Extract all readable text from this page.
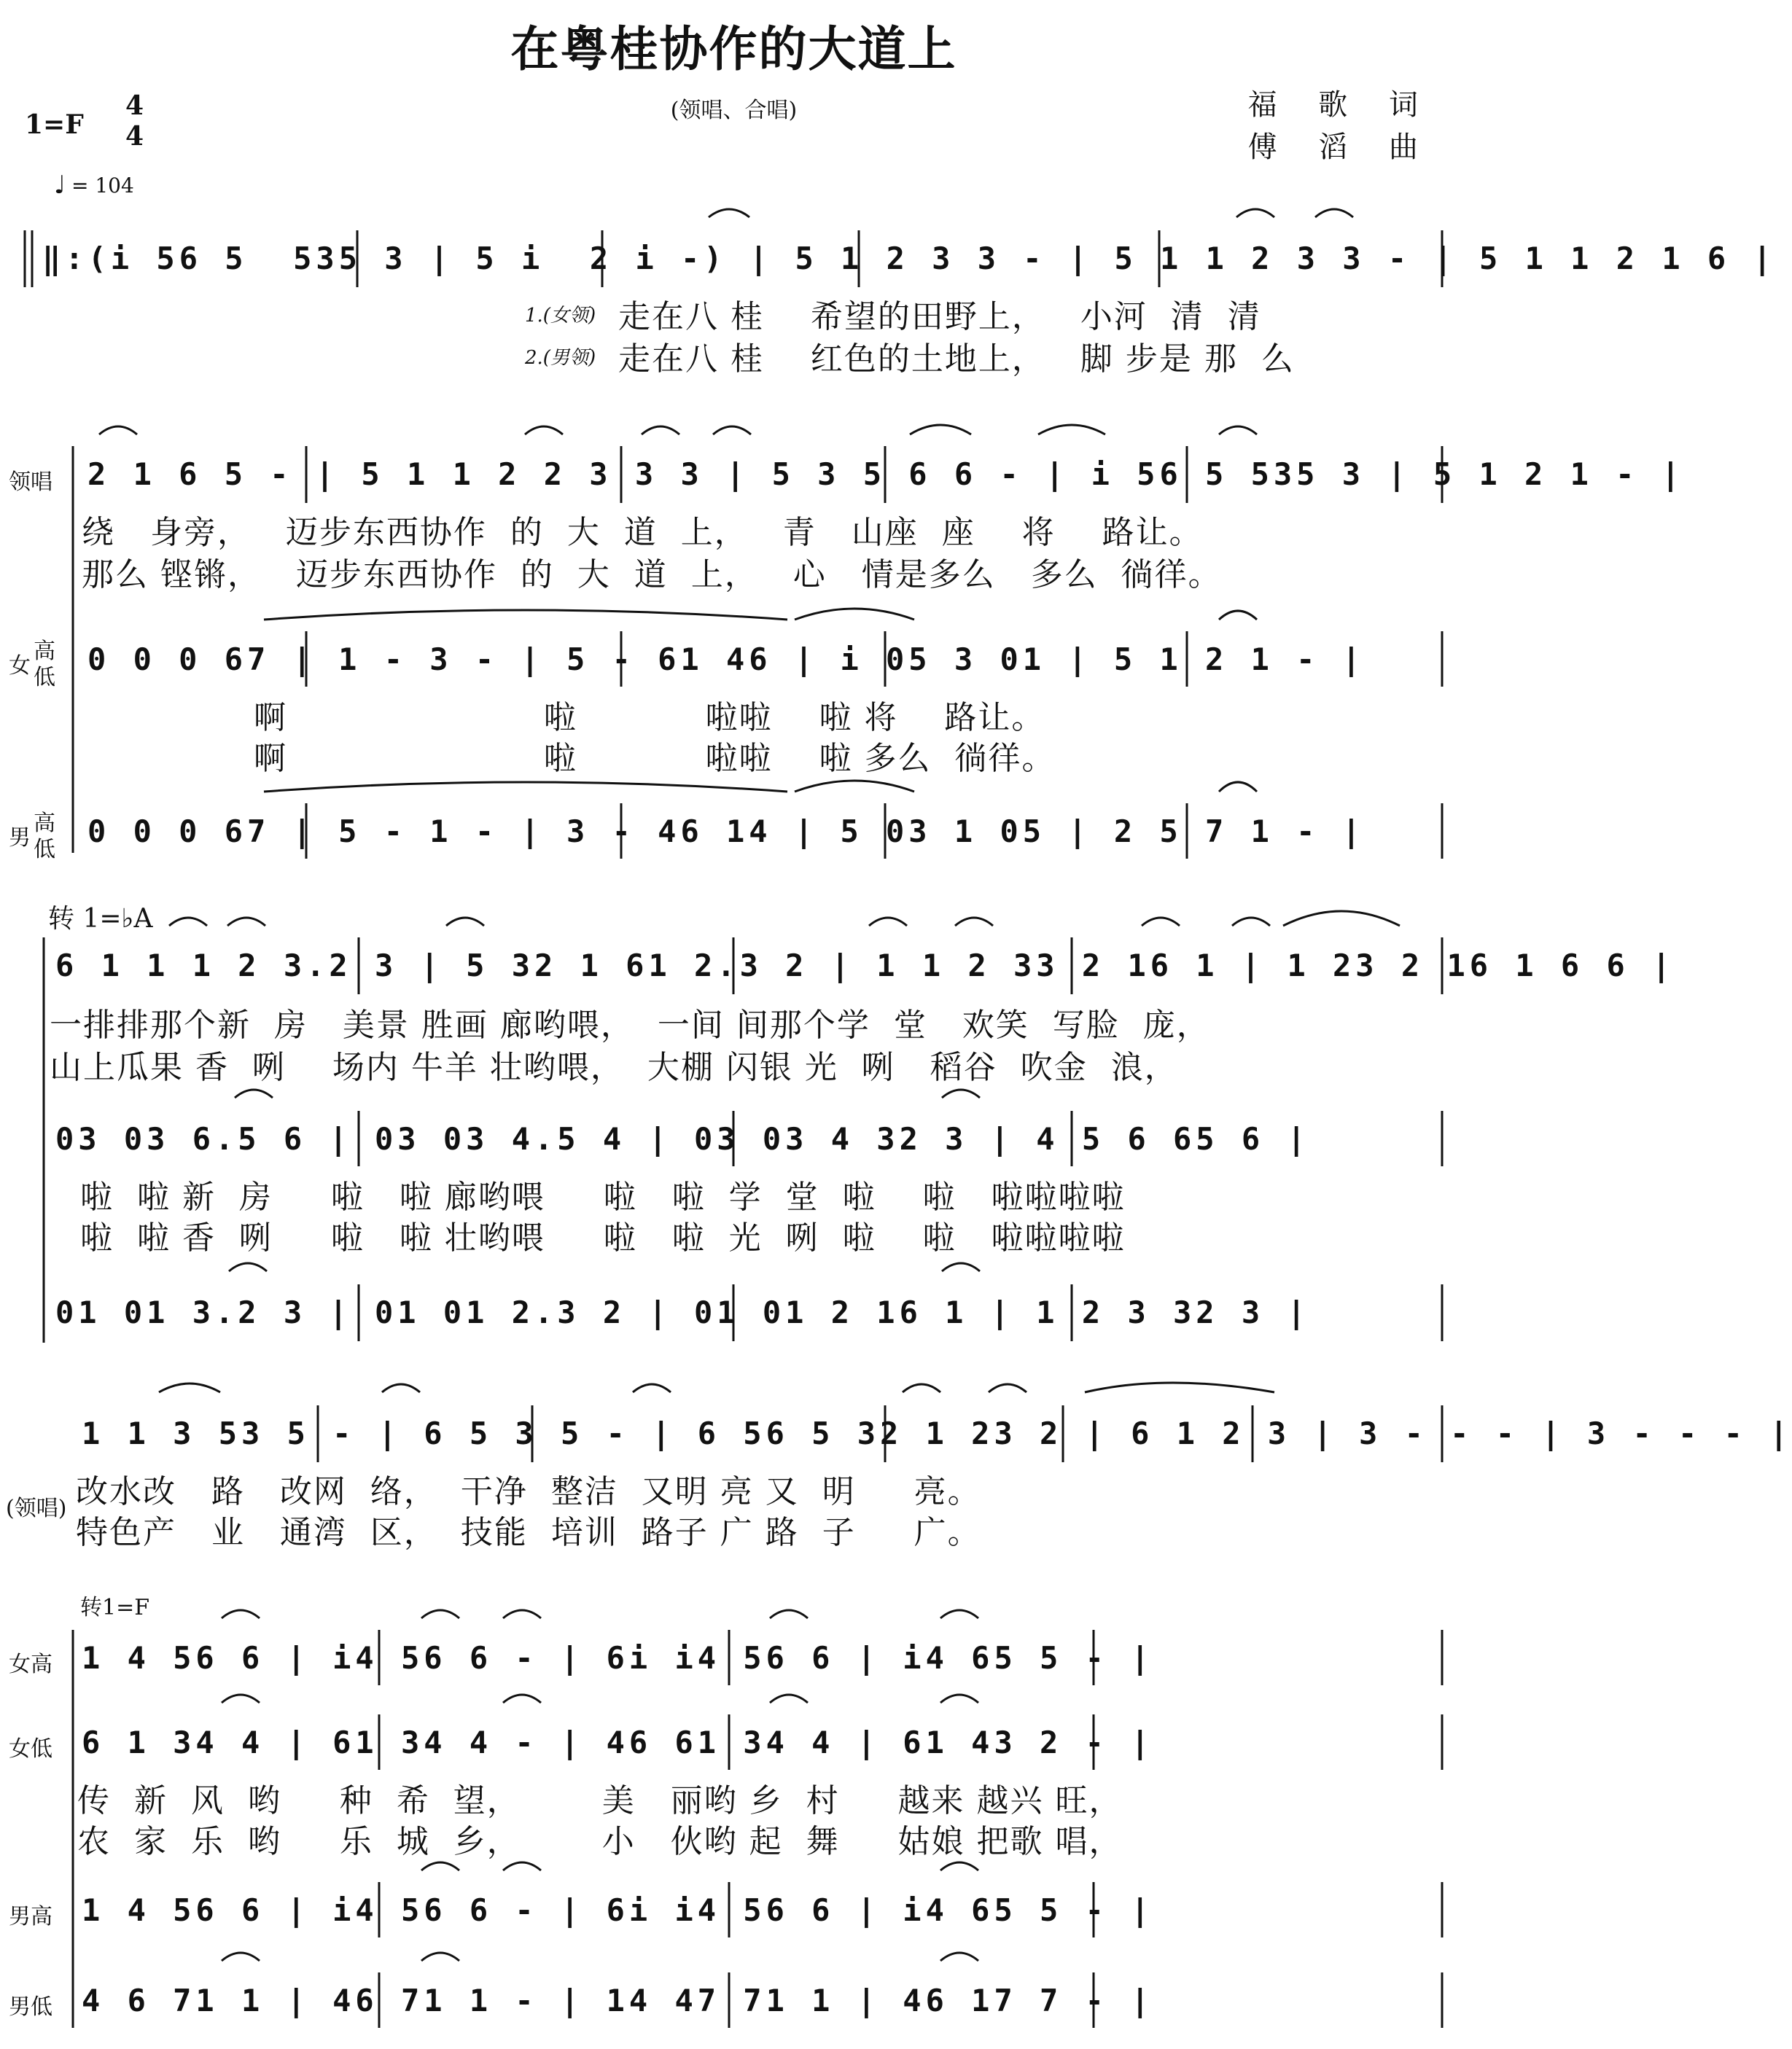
在粤桂协作的大道上
(领唱、合唱)	福 歌 词
傅 滔 曲
1=F
4
4
♩ = 104
‖:(i 56 5  535 3 | 5 i  2 i -) | 5 1 2 3 3 - | 5 1 1 2 3 3 - | 5 1 1 2 1 6 |
1.(女领) 走在八 桂    希望的田野上，   小河  清  清
2.(男领) 走在八 桂    红色的土地上，   脚 步是 那  么
领唱 2 1 6 5 - | 5 1 1 2 2 3 3 3 | 5 3 5 6 6 - | i 56 5 535 3 | 5 1 2 1 - |
绕   身旁，   迈步东西协作  的  大  道  上，   青   山座  座    将    路让。
那么 铿锵，   迈步东西协作  的  大  道  上，   心   情是多么   多么  徜徉。
女
高
低
0 0 0 67 | 1 - 3 - | 5 - 61 46 | i 05 3 01 | 5 1 2 1 - |
啊                      啦           啦啦    啦 将    路让。
啊                      啦           啦啦    啦 多么  徜徉。
男
高
低
0 0 0 67 | 5 - 1 - | 3 - 46 14 | 5 03 1 05 | 2 5 7 1 - |
转 1=♭A
6 1 1 1 2 3.2 3 | 5 32 1 61 2.3 2 | 1 1 2 33 2 16 1 | 1 23 2 16 1 6 6 |
一排排那个新  房   美景 胜画 廊哟喂，  一间 间那个学  堂   欢笑  写脸  庞，
山上瓜果 香  咧    场内 牛羊 壮哟喂，  大棚 闪银 光  咧   稻谷  吹金  浪，
03 03 6.5 6 | 03 03 4.5 4 | 03 03 4 32 3 | 4 5 6 65 6 |
啦  啦 新  房     啦   啦 廊哟喂     啦   啦  学  堂  啦    啦   啦啦啦啦
啦  啦 香  咧     啦   啦 壮哟喂     啦   啦  光  咧  啦    啦   啦啦啦啦
01 01 3.2 3 | 01 01 2.3 2 | 01 01 2 16 1 | 1 2 3 32 3 |
1 1 3 53 5 - | 6 5 3 5 - | 6 56 5 32 1 23 2 | 6 1 2 3 | 3 - - - | 3 - - - |
(领唱) 改水改   路   改网  络，  干净  整洁  又明 亮 又  明     亮。
特色产   业   通湾  区，  技能  培训  路子 广 路  子     广。
转1=F
女高 1 4 56 6 | i4 56 6 - | 6i i4 56 6 | i4 65 5 - |
女低 6 1 34 4 | 61 34 4 - | 46 61 34 4 | 61 43 2 - |
传  新  风  哟     种  希  望，       美   丽哟 乡  村     越来 越兴 旺，
农  家  乐  哟     乐  城  乡，       小   伙哟 起  舞     姑娘 把歌 唱，
男高 1 4 56 6 | i4 56 6 - | 6i i4 56 6 | i4 65 5 - |
男低 4 6 71 1 | 46 71 1 - | 14 47 71 1 | 46 17 7 - |
